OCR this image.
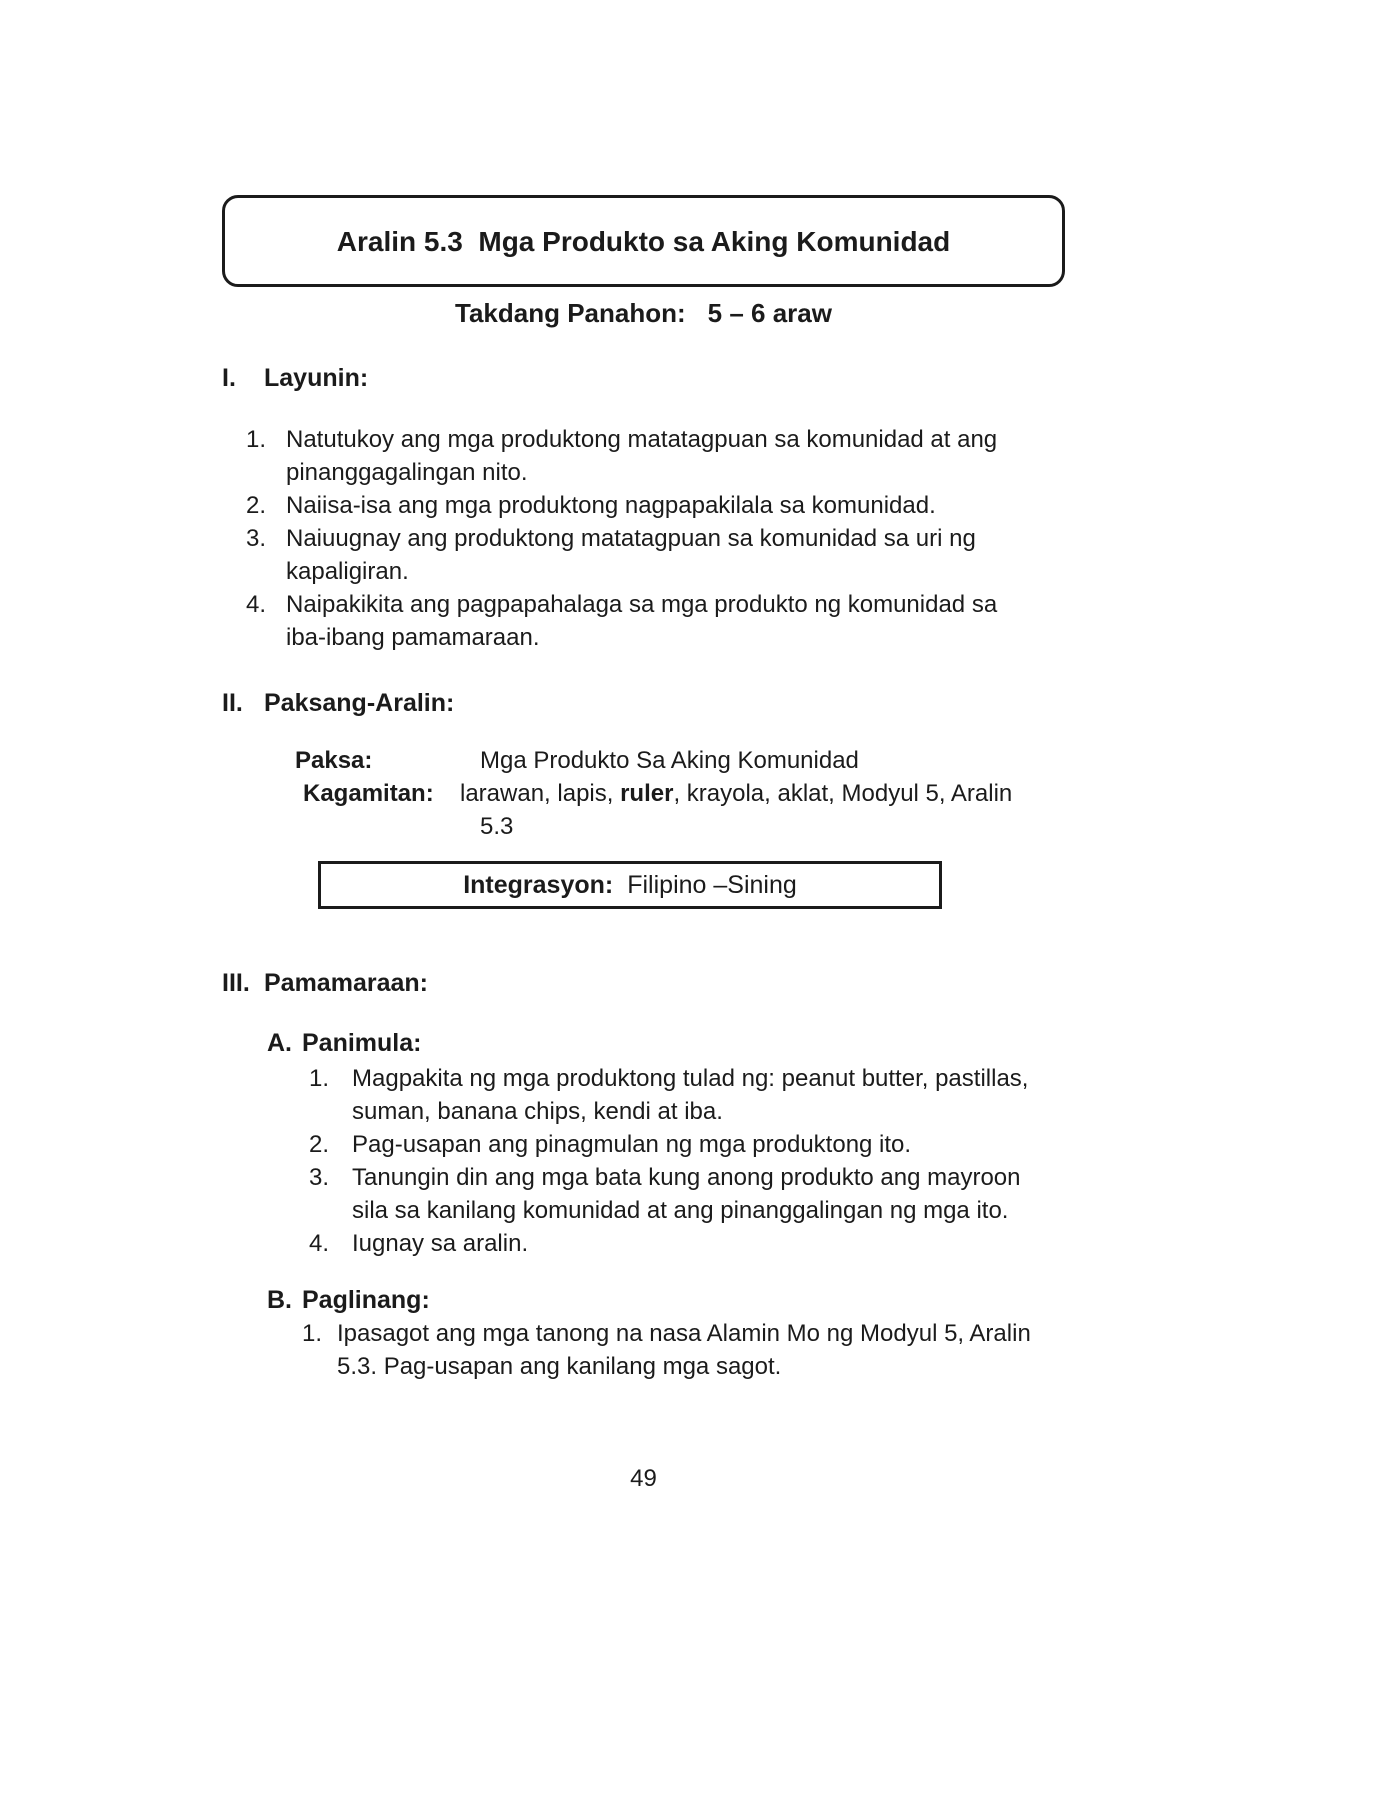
Aralin 5.3  Mga Produkto sa Aking Komunidad
Takdang Panahon: 5 – 6 araw
I.	Layunin:
1. Natutukoy ang mga produktong matatagpuan sa komunidad at ang pinanggagalingan nito.
2. Naiisa-isa ang mga produktong nagpapakilala sa komunidad.
3. Naiuugnay ang produktong matatagpuan sa komunidad sa uri ng kapaligiran.
4. Naipakikita ang pagpapahalaga sa mga produkto ng komunidad sa iba-ibang pamamaraan.
II. Paksang-Aralin:
Paksa:	Mga Produkto Sa Aking Komunidad
Kagamitan:	larawan, lapis, ruler, krayola, aklat, Modyul 5, Aralin
5.3
Integrasyon: Filipino –Sining
III. Pamamaraan:
A. Panimula:
1. Magpakita ng mga produktong tulad ng: peanut butter, pastillas, suman, banana chips, kendi at iba.
2. Pag-usapan ang pinagmulan ng mga produktong ito.
3. Tanungin din ang mga bata kung anong produkto ang mayroon sila sa kanilang komunidad at ang pinanggalingan ng mga ito.
4. Iugnay sa aralin.
B. Paglinang:
1. Ipasagot ang mga tanong na nasa Alamin Mo ng Modyul 5, Aralin 5.3. Pag-usapan ang kanilang mga sagot.
49
